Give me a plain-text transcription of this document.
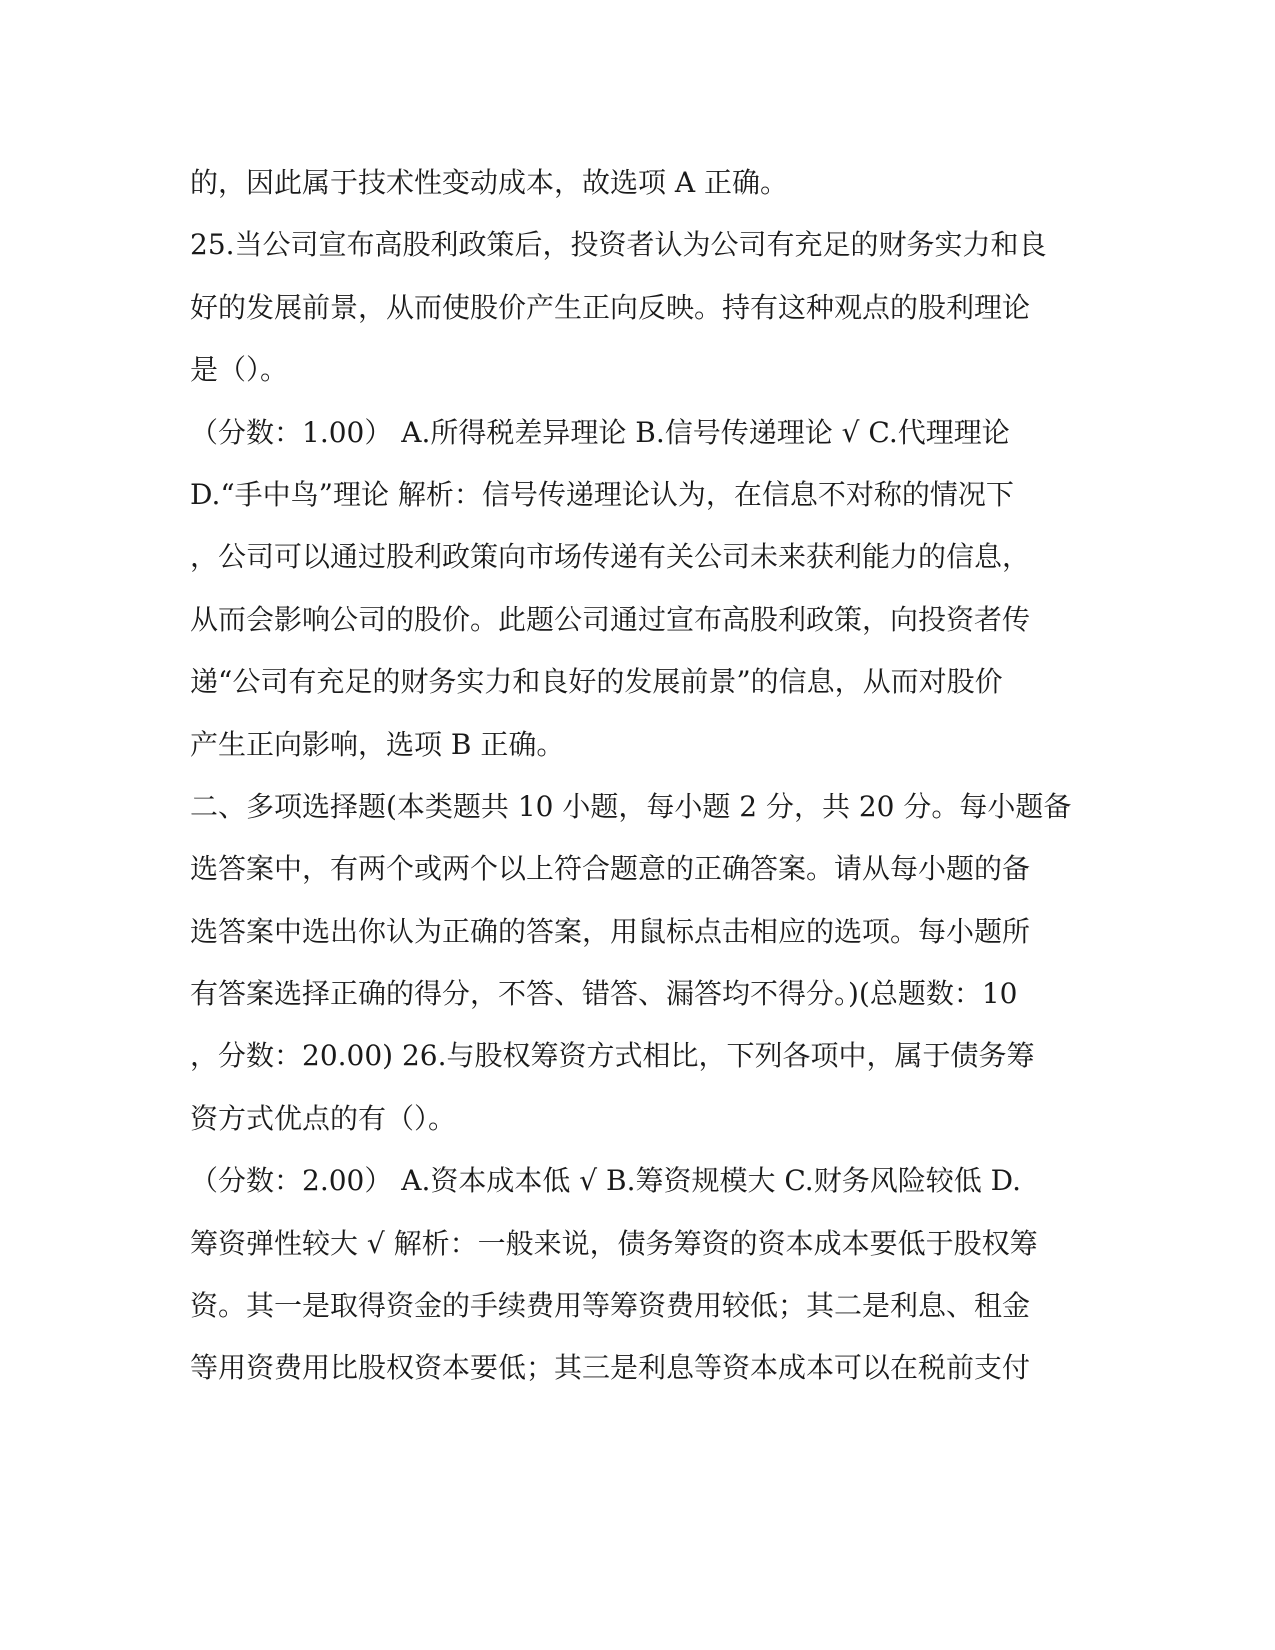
的，因此属于技术性变动成本，故选项 A 正确。
25.当公司宣布高股利政策后，投资者认为公司有充足的财务实力和良
好的发展前景，从而使股价产生正向反映。持有这种观点的股利理论
是（）。
（分数：1.00） A.所得税差异理论 B.信号传递理论 √ C.代理理论
D.“手中鸟”理论 解析：信号传递理论认为，在信息不对称的情况下
，公司可以通过股利政策向市场传递有关公司未来获利能力的信息，
从而会影响公司的股价。此题公司通过宣布高股利政策，向投资者传
递“公司有充足的财务实力和良好的发展前景”的信息，从而对股价
产生正向影响，选项 B 正确。
二、多项选择题(本类题共 10 小题，每小题 2 分，共 20 分。每小题备
选答案中，有两个或两个以上符合题意的正确答案。请从每小题的备
选答案中选出你认为正确的答案，用鼠标点击相应的选项。每小题所
有答案选择正确的得分，不答、错答、漏答均不得分。)(总题数：10
，分数：20.00) 26.与股权筹资方式相比，下列各项中，属于债务筹
资方式优点的有（）。
（分数：2.00） A.资本成本低 √ B.筹资规模大 C.财务风险较低 D.
筹资弹性较大 √ 解析：一般来说，债务筹资的资本成本要低于股权筹
资。其一是取得资金的手续费用等筹资费用较低；其二是利息、租金
等用资费用比股权资本要低；其三是利息等资本成本可以在税前支付
